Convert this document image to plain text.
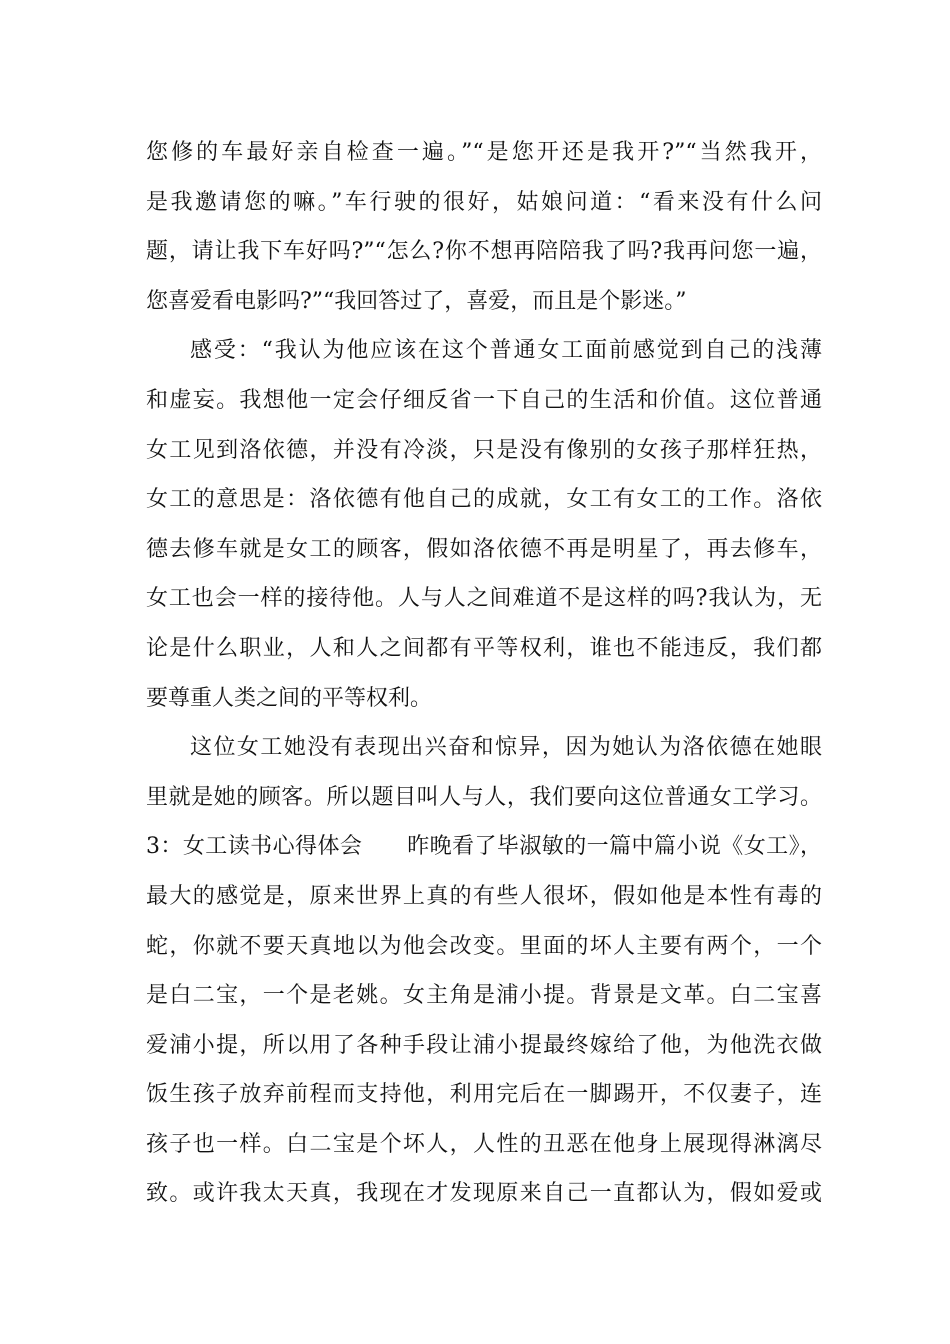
您修的车最好亲自检查一遍。”“是您开还是我开?”“当然我开，
是我邀请您的嘛。”车行驶的很好，姑娘问道：“看来没有什么问
题，请让我下车好吗?”“怎么?你不想再陪陪我了吗?我再问您一遍，
您喜爱看电影吗?”“我回答过了，喜爱，而且是个影迷。”
感受：“我认为他应该在这个普通女工面前感觉到自己的浅薄
和虚妄。我想他一定会仔细反省一下自己的生活和价值。这位普通
女工见到洛依德，并没有冷淡，只是没有像别的女孩子那样狂热，
女工的意思是：洛依德有他自己的成就，女工有女工的工作。洛依
德去修车就是女工的顾客，假如洛依德不再是明星了，再去修车，
女工也会一样的接待他。人与人之间难道不是这样的吗?我认为，无
论是什么职业，人和人之间都有平等权利，谁也不能违反，我们都
要尊重人类之间的平等权利。
这位女工她没有表现出兴奋和惊异，因为她认为洛依德在她眼
里就是她的顾客。所以题目叫人与人，我们要向这位普通女工学习。
3：女工读书心得体会　　昨晚看了毕淑敏的一篇中篇小说《女工》，
最大的感觉是，原来世界上真的有些人很坏，假如他是本性有毒的
蛇，你就不要天真地以为他会改变。里面的坏人主要有两个，一个
是白二宝，一个是老姚。女主角是浦小提。背景是文革。白二宝喜
爱浦小提，所以用了各种手段让浦小提最终嫁给了他，为他洗衣做
饭生孩子放弃前程而支持他，利用完后在一脚踢开，不仅妻子，连
孩子也一样。白二宝是个坏人，人性的丑恶在他身上展现得淋漓尽
致。或许我太天真，我现在才发现原来自己一直都认为，假如爱或
